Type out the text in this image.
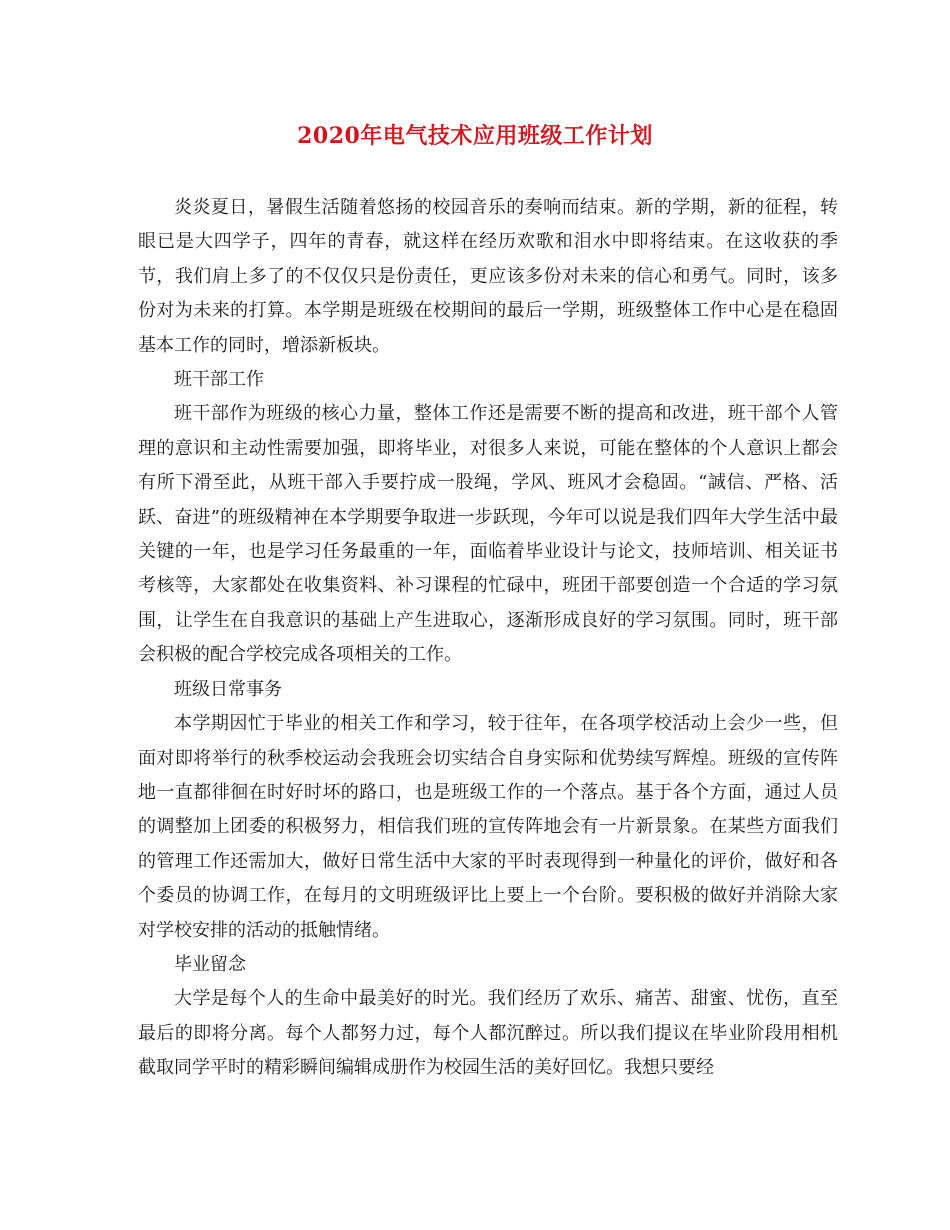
2020年电气技术应用班级工作计划

炎炎夏日，暑假生活随着悠扬的校园音乐的奏响而结束。新的学期，新的征程，转眼已是大四学子，四年的青春，就这样在经历欢歌和泪水中即将结束。在这收获的季节，我们肩上多了的不仅仅只是份责任，更应该多份对未来的信心和勇气。同时，该多份对为未来的打算。本学期是班级在校期间的最后一学期，班级整体工作中心是在稳固基本工作的同时，增添新板块。

班干部工作

班干部作为班级的核心力量，整体工作还是需要不断的提高和改进，班干部个人管理的意识和主动性需要加强，即将毕业，对很多人来说，可能在整体的个人意识上都会有所下滑至此，从班干部入手要拧成一股绳，学风、班风才会稳固。“誠信、严格、活跃、奋进”的班级精神在本学期要争取进一步跃现，今年可以说是我们四年大学生活中最关键的一年，也是学习任务最重的一年，面临着毕业设计与论文，技师培训、相关证书考核等，大家都处在收集资料、补习课程的忙碌中，班团干部要创造一个合适的学习氛围，让学生在自我意识的基础上产生进取心，逐渐形成良好的学习氛围。同时，班干部会积极的配合学校完成各项相关的工作。

班级日常事务

本学期因忙于毕业的相关工作和学习，较于往年，在各项学校活动上会少一些，但面对即将举行的秋季校运动会我班会切实结合自身实际和优势续写辉煌。班级的宣传阵地一直都徘徊在时好时坏的路口，也是班级工作的一个落点。基于各个方面，通过人员的调整加上团委的积极努力，相信我们班的宣传阵地会有一片新景象。在某些方面我们的管理工作还需加大，做好日常生活中大家的平时表现得到一种量化的评价，做好和各个委员的协调工作，在每月的文明班级评比上要上一个台阶。要积极的做好并消除大家对学校安排的活动的抵触情绪。

毕业留念

大学是每个人的生命中最美好的时光。我们经历了欢乐、痛苦、甜蜜、忧伤，直至最后的即将分离。每个人都努力过，每个人都沉醉过。所以我们提议在毕业阶段用相机截取同学平时的精彩瞬间编辑成册作为校园生活的美好回忆。我想只要经
